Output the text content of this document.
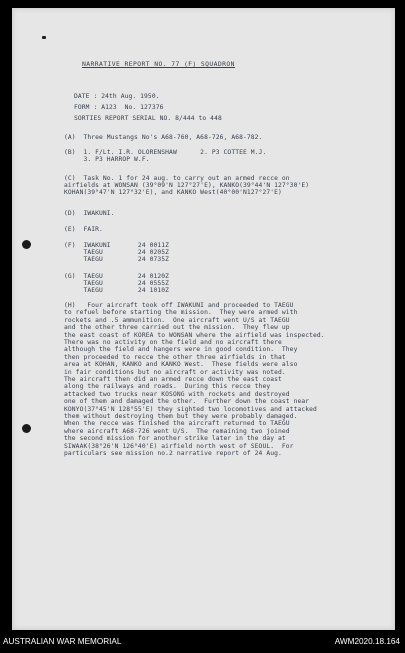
NARRATIVE REPORT NO. 77 (F) SQUADRON
DATE : 24th Aug. 1950.
FORM : A123  No. 127376
SORTIES REPORT SERIAL NO. 8/444 to 448
(A)  Three Mustangs No's A68-760, A68-726, A68-782.
(B)  1. F/Lt. I.R. OLORENSHAW      2. P3 COTTEE M.J.
3. P3 HARROP W.F.
(C)  Task No. 1 for 24 aug. to carry out an armed recce on
airfields at WONSAN (39°09'N 127°27'E), KANKO(39°44'N 127°30'E)
KOHAN(39°47'N 127°32'E), and KANKO West(40°00'N127°27'E)
(D)  IWAKUNI.
(E)  FAIR.
(F)  IWAKUNI       24 0011Z
TAEGU         24 0205Z
TAEGU         24 0735Z
(G)  TAEGU         24 0120Z
TAEGU         24 0555Z
TAEGU         24 1010Z
(H)   Four aircraft took off IWAKUNI and proceeded to TAEGU
to refuel before starting the mission.  They were armed with
rockets and .5 ammunition.  One aircraft went U/S at TAEGU
and the other three carried out the mission.  They flew up
the east coast of KOREA to WONSAN where the airfield was inspected.
There was no activity on the field and no aircraft there
although the field and hangers were in good condition.  They
then proceeded to recce the other three airfields in that
area at KOHAN, KANKO and KANKO West.  These fields were also
in fair conditions but no aircraft or activity was noted.
The aircraft then did an armed recce down the east coast
along the railways and roads.  During this recce they
attacked two trucks near KOSONG with rockets and destroyed
one of them and damaged the other.  Further down the coast near
KONYO(37°45'N 128°55'E) they sighted two locomotives and attacked
them without destroying them but they were probably damaged.
When the recce was finished the aircraft returned to TAEGU
where aircraft A68-726 went U/S.  The remaining two joined
the second mission for another strike later in the day at
SIWAAK(38°26'N 126°40'E) airfield north west of SEOUL.  For
particulars see mission no.2 narrative report of 24 Aug.
AUSTRALIAN WAR MEMORIAL	AWM2020.18.164
